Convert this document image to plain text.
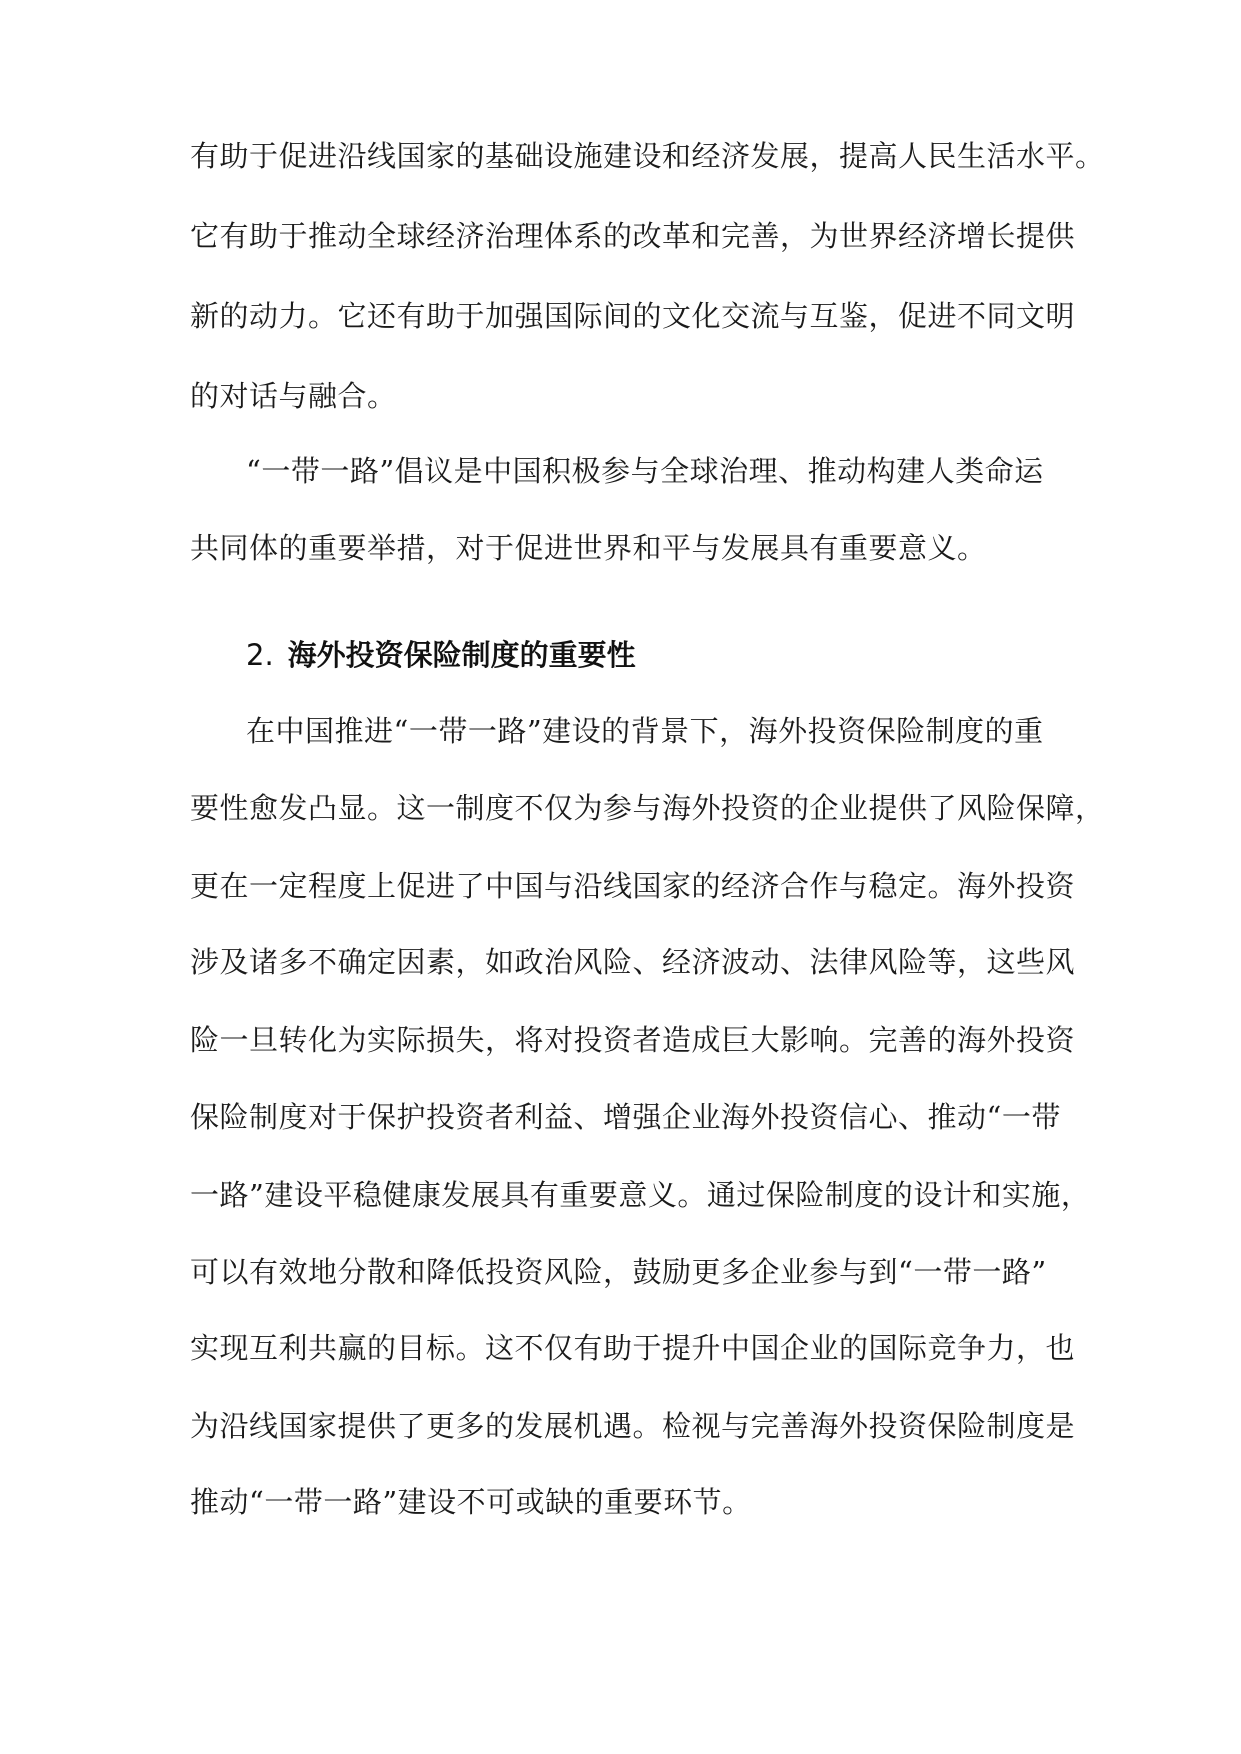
有助于促进沿线国家的基础设施建设和经济发展，提高人民生活水平。
它有助于推动全球经济治理体系的改革和完善，为世界经济增长提供
新的动力。它还有助于加强国际间的文化交流与互鉴，促进不同文明
的对话与融合。
“一带一路”倡议是中国积极参与全球治理、推动构建人类命运
共同体的重要举措，对于促进世界和平与发展具有重要意义。
2. 海外投资保险制度的重要性
在中国推进“一带一路”建设的背景下，海外投资保险制度的重
要性愈发凸显。这一制度不仅为参与海外投资的企业提供了风险保障，
更在一定程度上促进了中国与沿线国家的经济合作与稳定。海外投资
涉及诸多不确定因素，如政治风险、经济波动、法律风险等，这些风
险一旦转化为实际损失，将对投资者造成巨大影响。完善的海外投资
保险制度对于保护投资者利益、增强企业海外投资信心、推动“一带
一路”建设平稳健康发展具有重要意义。通过保险制度的设计和实施，
可以有效地分散和降低投资风险，鼓励更多企业参与到“一带一路”
实现互利共赢的目标。这不仅有助于提升中国企业的国际竞争力，也
为沿线国家提供了更多的发展机遇。检视与完善海外投资保险制度是
推动“一带一路”建设不可或缺的重要环节。
